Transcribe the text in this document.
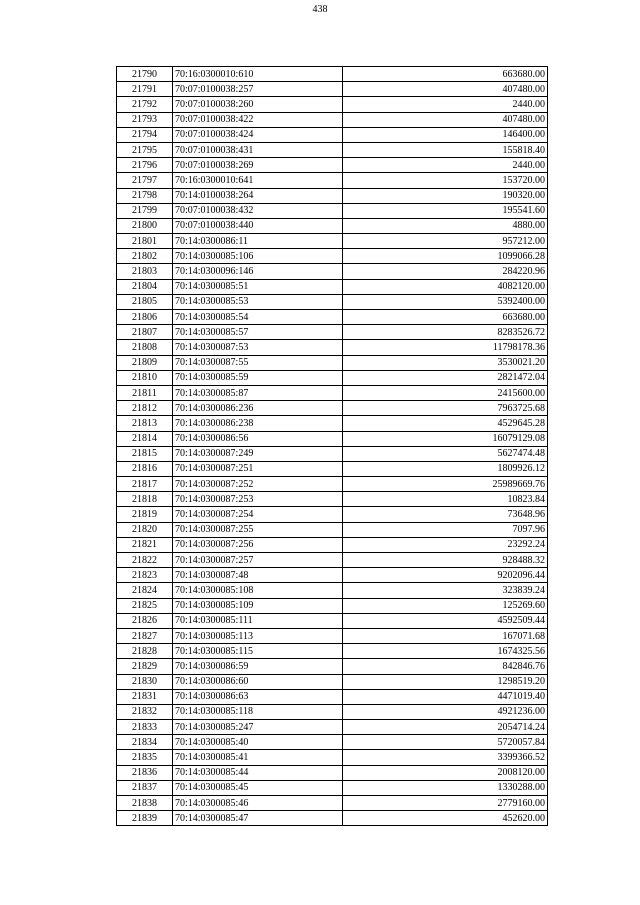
438
21790	70:16:0300010:610	663680.00
21791	70:07:0100038:257	407480.00
21792	70:07:0100038:260	2440.00
21793	70:07:0100038:422	407480.00
21794	70:07:0100038:424	146400.00
21795	70:07:0100038:431	155818.40
21796	70:07:0100038:269	2440.00
21797	70:16:0300010:641	153720.00
21798	70:14:0100038:264	190320.00
21799	70:07:0100038:432	195541.60
21800	70:07:0100038:440	4880.00
21801	70:14:0300086:11	957212.00
21802	70:14:0300085:106	1099066.28
21803	70:14:0300096:146	284220.96
21804	70:14:0300085:51	4082120.00
21805	70:14:0300085:53	5392400.00
21806	70:14:0300085:54	663680.00
21807	70:14:0300085:57	8283526.72
21808	70:14:0300087:53	11798178.36
21809	70:14:0300087:55	3530021.20
21810	70:14:0300085:59	2821472.04
21811	70:14:0300085:87	2415600.00
21812	70:14:0300086:236	7963725.68
21813	70:14:0300086:238	4529645.28
21814	70:14:0300086:56	16079129.08
21815	70:14:0300087:249	5627474.48
21816	70:14:0300087:251	1809926.12
21817	70:14:0300087:252	25989669.76
21818	70:14:0300087:253	10823.84
21819	70:14:0300087:254	73648.96
21820	70:14:0300087:255	7097.96
21821	70:14:0300087:256	23292.24
21822	70:14:0300087:257	928488.32
21823	70:14:0300087:48	9202096.44
21824	70:14:0300085:108	323839.24
21825	70:14:0300085:109	125269.60
21826	70:14:0300085:111	4592509.44
21827	70:14:0300085:113	167071.68
21828	70:14:0300085:115	1674325.56
21829	70:14:0300086:59	842846.76
21830	70:14:0300086:60	1298519.20
21831	70:14:0300086:63	4471019.40
21832	70:14:0300085:118	4921236.00
21833	70:14:0300085:247	2054714.24
21834	70:14:0300085:40	5720057.84
21835	70:14:0300085:41	3399366.52
21836	70:14:0300085:44	2008120.00
21837	70:14:0300085:45	1330288.00
21838	70:14:0300085:46	2779160.00
21839	70:14:0300085:47	452620.00
